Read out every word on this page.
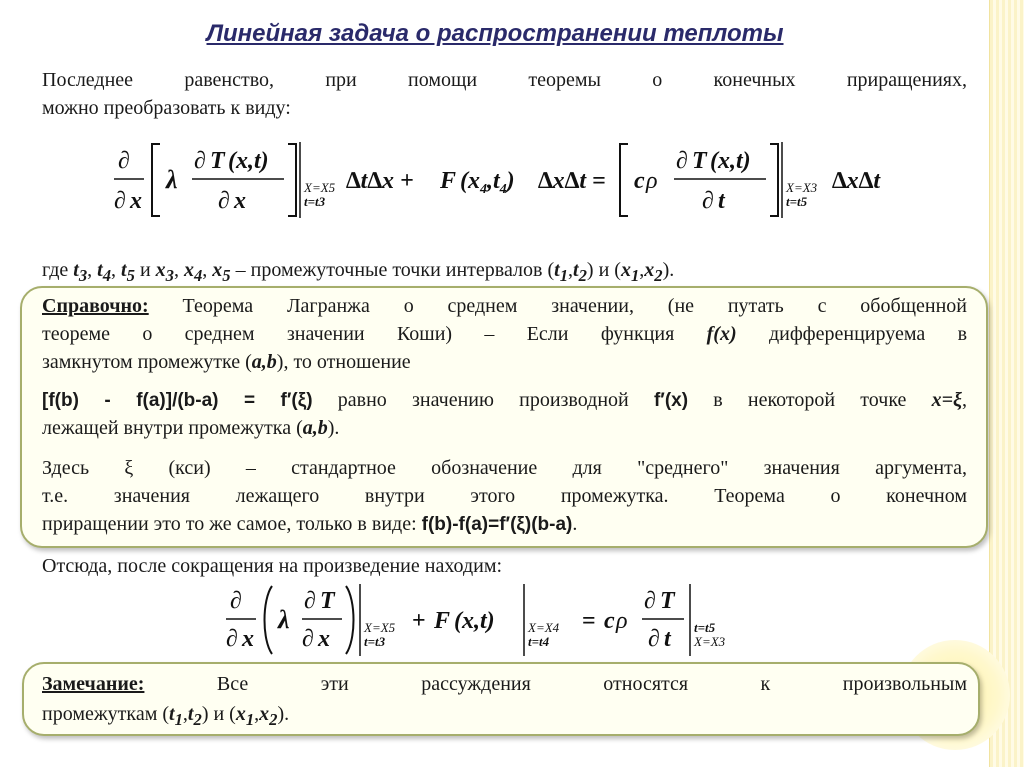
Линейная задача о распространении теплоты
Последнее равенство, при помощи теоремы о конечных приращениях,
можно преобразовать к виду:
∂
∂ x
λ
∂ T (x,t)
∂ x
X=X5
t=t3
∆t∆x + F $(x_4,t_4) \Delta x\Delta t = c$ ρ
∂ T (x,t)
∂ t
X=X3
t=t5
∆x∆t
где $t_3$, $t_4$, $t_5$ и $x_3$, $x_4$, $x_5$ – промежуточные точки интервалов $(t_1,t_2)$ и $(x_1,x_2)$.
Справочно: Теорема Лагранжа о среднем значении, (не путать с обобщенной
теореме о среднем значении Коши) – Если функция f(x) дифференцируема в
замкнутом промежутке (a,b), то отношение
[f(b) - f(a)]/(b-a) = f′(ξ) равно значению производной f′(x) в некоторой точке x=ξ,
лежащей внутри промежутка (a,b).
Здесь ξ (кси) – стандартное обозначение для "среднего" значения аргумента,
т.е. значения лежащего внутри этого промежутка. Теорема о конечном
приращении это то же самое, только в виде: f(b)-f(a)=f′(ξ)(b-a).
Отсюда, после сокращения на произведение находим:
∂
∂ x
λ
∂ T
∂ x	X=X5
t=t3
+ F (x,t)	X=X4
t=t4
= c ρ
∂ T
∂ t t=t5
X=X3
Замечание:	Все эти рассуждения относятся к произвольным
промежуткам $(t_1,t_2)$ и $(x_1,x_2)$.
